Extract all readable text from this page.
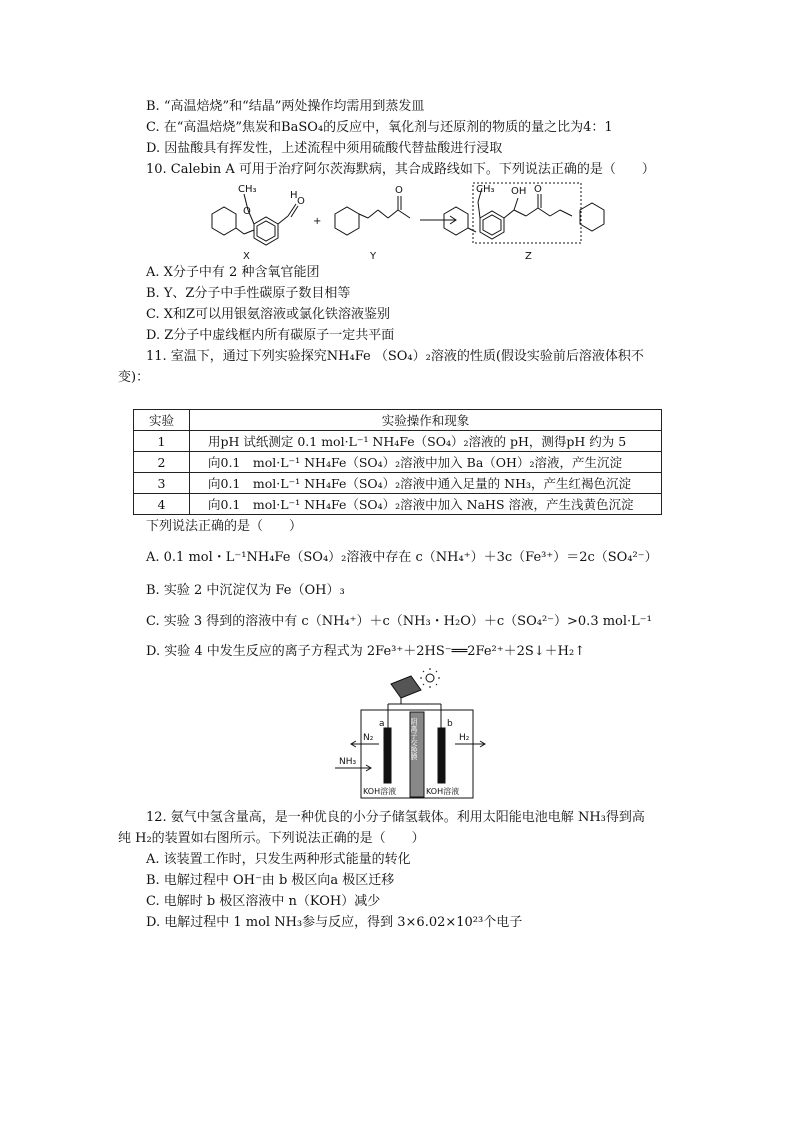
B. “高温焙烧”和“结晶”两处操作均需用到蒸发皿
C. 在“高温焙烧”焦炭和BaSO₄的反应中，氧化剂与还原剂的物质的量之比为4：1
D. 因盐酸具有挥发性，上述流程中须用硫酸代替盐酸进行浸取
10. Calebin A 可用于治疗阿尔茨海默病，其合成路线如下。下列说法正确的是（　　）
CH₃
O
H
O
X
+
O
Y
CH₃ OH O
Z
A. X分子中有 2 种含氧官能团
B. Y、Z分子中手性碳原子数目相等
C. X和Z可以用银氨溶液或氯化铁溶液鉴别
D. Z分子中虚线框内所有碳原子一定共平面
11. 室温下，通过下列实验探究NH₄Fe （SO₄）₂溶液的性质(假设实验前后溶液体积不
变)：
实验	实验操作和现象
1	用pH 试纸测定 0.1 mol·L⁻¹ NH₄Fe（SO₄）₂溶液的 pH，测得pH 约为 5
2	向0.1　mol·L⁻¹ NH₄Fe（SO₄）₂溶液中加入 Ba（OH）₂溶液，产生沉淀
3	向0.1　mol·L⁻¹ NH₄Fe（SO₄）₂溶液中通入足量的 NH₃，产生红褐色沉淀
4	向0.1　mol·L⁻¹ NH₄Fe（SO₄）₂溶液中加入 NaHS 溶液，产生浅黄色沉淀
下列说法正确的是（　　）
A. 0.1 mol・L⁻¹NH₄Fe（SO₄）₂溶液中存在 c（NH₄⁺）＋3c（Fe³⁺）＝2c（SO₄²⁻）
B. 实验 2 中沉淀仅为 Fe（OH）₃
C. 实验 3 得到的溶液中有 c（NH₄⁺）＋c（NH₃・H₂O）＋c（SO₄²⁻）>0.3 mol·L⁻¹
D. 实验 4 中发生反应的离子方程式为 2Fe³⁺＋2HS⁻══2Fe²⁺＋2S↓＋H₂↑
a	b
N₂
NH₃
H₂
KOH溶液	KOH溶液
阴离子交换膜
12. 氨气中氢含量高，是一种优良的小分子储氢载体。利用太阳能电池电解 NH₃得到高
纯 H₂的装置如右图所示。下列说法正确的是（　　）
A. 该装置工作时，只发生两种形式能量的转化
B. 电解过程中 OH⁻由 b 极区向a 极区迁移
C. 电解时 b 极区溶液中 n（KOH）减少
D. 电解过程中 1 mol NH₃参与反应，得到 3×6.02×10²³个电子
